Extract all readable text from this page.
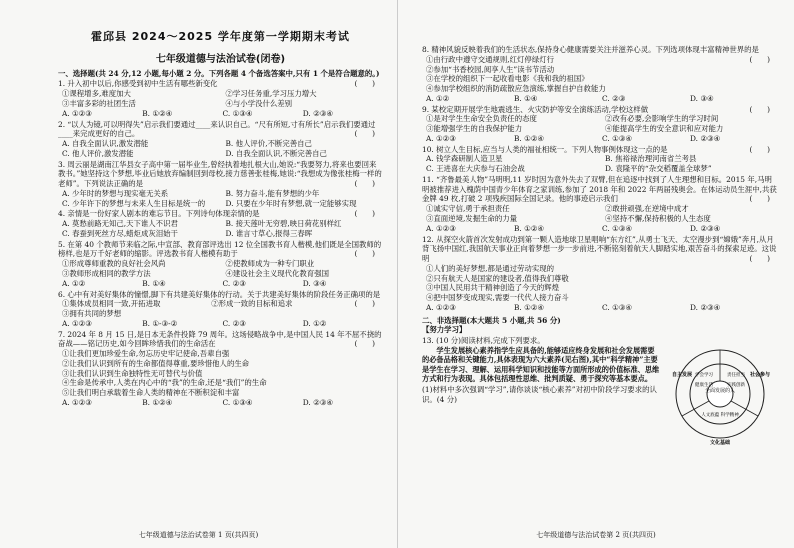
霍邱县 2024～2025 学年度第一学期期末考试
七年级道德与法治试卷(闭卷)
一、选择题(共 24 分,12 小题,每小题 2 分。下列各题 4 个备选答案中,只有 1 个是符合题意的。)
1. 升入初中以后,你感受到初中生活有哪些新变化	(　　)
①课程增多,难度加大	②学习任务重,学习压力增大
③丰富多彩的社团生活	④与小学没什么差别
A. ①②③	B. ①②④	C. ①③④	D. ②③④
2. “以人为镜,可以明得失”启示我们要通过____来认识自己。“尺有所短,寸有所长”启示我们要通过____来完成更好的自己。	(　　)
A. 自我全面认识,激发潜能	B. 他人评价,不断完善自己
C. 他人评价,激发潜能	D. 自我全面认识,不断完善自己
3. 周云丽是湖南江华县女子高中第一届毕业生,曾经执着地扎根大山,她说:“我要努力,将来也要回来教书。”她坚持这个梦想,毕业后她放弃编制回到母校,接力慈善张桂梅,她说:“我想成为像张桂梅一样的老师”。下列说法正确的是	(　　)
A. 少年时的梦想与现实毫无关系	B. 努力奋斗,能有梦想的少年
C. 少年许下的梦想与未来人生目标是统一的	D. 只要在少年时有梦想,就一定能够实现
4. 亲情是一份好家人剧本的难忘节目。下列诗句体现亲情的是	(　　)
A. 莫愁前路无知己,天下谁人不识君	B. 接天莲叶无穷碧,映日荷花别样红
C. 春蚕到死丝方尽,蜡炬成灰泪始干	D. 谁言寸草心,报得三春晖
5. 在第 40 个教师节来临之际,中宣部、教育部评选出 12 位全国教书育人楷模,他们既是全国教师的榜样,也是万千好老师的缩影。评选教书育人楷模有助于	(　　)
①形成尊师重教的良好社会风尚	②使教师成为一种专门职业
③教师形成相同的教学方法	④建设社会主义现代化教育强国
A. ①②	B. ①④	C. ②③	D. ③④
6. 心中有对美好集体的憧憬,脚下有共建美好集体的行动。关于共建美好集体的阶段任务正确项的是
(　　)
①集体成员相同一致,开拓进取	②形成一致的目标和追求
③拥有共同的梦想
A. ①②③	B. ①-③-②	C. ②③	D. ①②
7. 2024 年 8 月 15 日,是日本无条件投降 79 周年。这场侵略战争中,是中国人民 14 年不屈不挠的奋战——铭记历史,如今回眸珍惜我们的生命活在	(　　)
①让我们更加珍爱生命,勿忘历史牢记使命,吾辈自强
②让我们认识到所有的生命都值得尊重,要珍惜他人的生命
③让我们认识到生命独特性无可替代与价值
④生命是传承中,人类在内心中的“我”的生命,还是“我们”的生命
⑤让我们明白承载着生命人类的精神在不断积淀和丰富
A. ①②③	B. ①②④	C. ①③④	D. ②③④
七年级道德与法治试卷第 1 页(共四页)
8. 精神风貌反映着我们的生活状态,保持身心健康需要关注并滋养心灵。下列选项体现丰富精神世界的是
(　　)
①由行政中遵守交通规则,红灯停绿灯行
②参加“书香校园,阅享人生”读书节活动
③在学校的组织下一起收看电影《我和我的祖国》
④参加学校组织的消防疏散应急演练,掌握自护自救能力
A. ①②	B. ①④	C. ②③	D. ③④
9. 某校定期开展学生地震逃生、火灾防护等安全演练活动,学校这样做	(　　)
①是对学生生命安全负责任的态度	②改有必要,会影响学生的学习时间
③能增强学生的自我保护能力	④能提高学生的安全意识和应对能力
A. ①②③	B. ①②④	C. ①③④	D. ②③④
10. 树立人生目标,应当与人类的福祉相统一。下列人物事例体现这一点的是	(　　)
A. 钱学森研制人造卫星	B. 焦裕禄治理河南省兰考县
C. 王进喜在大庆参与石油会战	D. 袁隆平的“杂交稻覆盖全球梦”
11. “齐鲁最美人物”马明明,11 岁时因为意外失去了双臂,但在追逐中找到了人生理想和目标。2015 年,马明明被推荐进入槐荫中国青少年体育之家训练,参加了 2018 年和 2022 年两届残奥会。在体运动员生涯中,共获金牌 49 枚,打破 2 项残疾国际全国记录。他的事迹启示我们	(　　)
①诚实守信,勇于承担责任	②敢拼顽强,在逆境中成才
③直面逆境,发掘生命的力量	④坚持不懈,保持积极的人生态度
A. ①②③	B. ①②④	C. ①③④	D. ②③④
12. 从探空火箭首次发射成功到第一颗人造地球卫星唱响“东方红”,从勇士飞天、太空漫步到“嫦娥”奔月,从月背飞扬中国红,我国航天事业正向着梦想一步一步前进,不断铭刻着航天人脚踏实地,艰苦奋斗的探索足迹。这说明	(　　)
①人们的美好梦想,都是通过劳动实现的
②只有航天人是国家的建设者,值得我们尊敬
③中国人民用共干精神创造了今天的辉煌
④把中国梦变成现实,需要一代代人接力奋斗
A. ①②③	B. ①②④	C. ①③④	D. ②③④
二、非选择题(本大题共 5 小题,共 56 分)
【努力学习】
13. (10 分)阅读材料,完成下列要求。
学生发展核心素养指学生应具备的,能够适应终身发展和社会发展需要的必备品格和关键能力,具体表现为六大素养(见右图),其中“科学精神”主要是学生在学习、理解、运用科学知识和技能等方面所形成的价值标准、思维方式和行为表现。具体包括理性思维、批判质疑、勇于探究等基本要点。
(1)材料中多次强调“学习”,请你谈谈“核心素养”对初中阶段学习要求的认识。(4 分)
全面发展的人
学会学习
健康生活
责任担当
实践创新
自主发展	社会参与
人文底蕴 科学精神
文化基础
七年级道德与法治试卷第 2 页(共四页)
